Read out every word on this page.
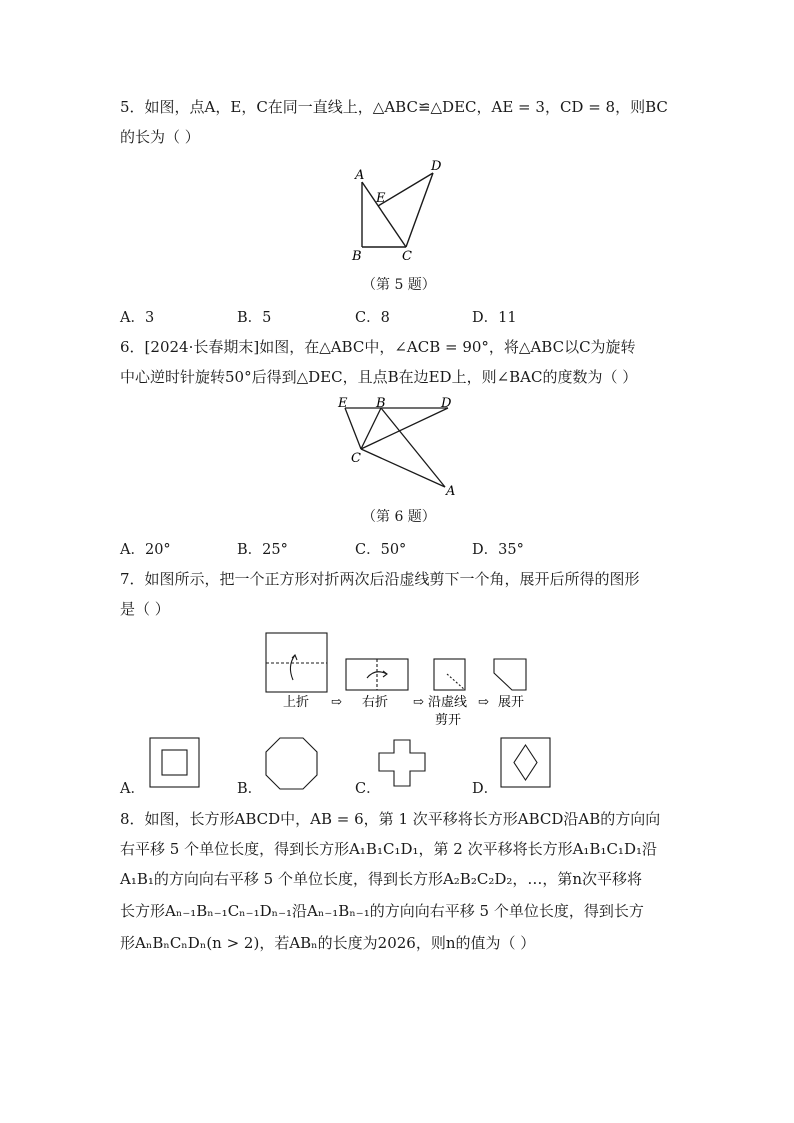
5．如图，点A，E，C在同一直线上，△ABC≌△DEC，AE = 3，CD = 8，则BC
的长为（ ）
A
E
D
B	C
（第 5 题）
A．3	B．5	C．8	D．11
6．[2024·长春期末]如图，在△ABC中，∠ACB = 90°，将△ABC以C为旋转
中心逆时针旋转50°后得到△DEC，且点B在边ED上，则∠BAC的度数为（ ）
E B	D
C
A
（第 6 题）
A．20°	B．25°	C．50°	D．35°
7．如图所示，把一个正方形对折两次后沿虚线剪下一个角，展开后所得的图形
是（ ）
⇨	⇨	⇨
上折	右折	沿虚线
剪开
展开
A．	B．	C．	D．
8．如图，长方形ABCD中，AB = 6，第 1 次平移将长方形ABCD沿AB的方向向
右平移 5 个单位长度，得到长方形A₁B₁C₁D₁，第 2 次平移将长方形A₁B₁C₁D₁沿
A₁B₁的方向向右平移 5 个单位长度，得到长方形A₂B₂C₂D₂，…，第n次平移将
长方形Aₙ₋₁Bₙ₋₁Cₙ₋₁Dₙ₋₁沿Aₙ₋₁Bₙ₋₁的方向向右平移 5 个单位长度，得到长方
形AₙBₙCₙDₙ(n > 2)，若ABₙ的长度为2026，则n的值为（ ）
